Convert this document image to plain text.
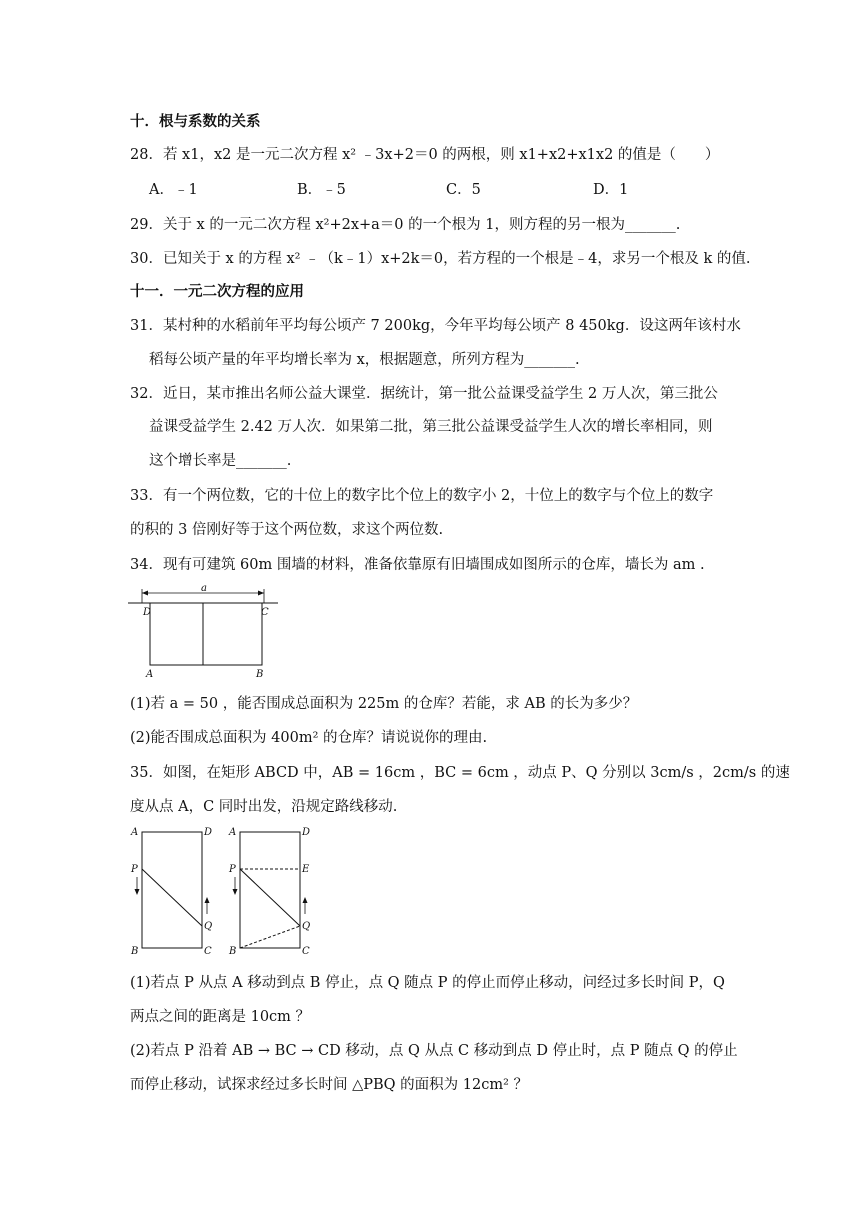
十．根与系数的关系
28．若 x1，x2 是一元二次方程 x² ﹣3x+2＝0 的两根，则 x1+x2+x1x2 的值是（　　）
A．﹣1	B．﹣5	C．5	D．1
29．关于 x 的一元二次方程 x²+2x+a＝0 的一个根为 1，则方程的另一根为_______.
30．已知关于 x 的方程 x² ﹣（k﹣1）x+2k＝0，若方程的一个根是﹣4，求另一个根及 k 的值.
十一．一元二次方程的应用
31．某村种的水稻前年平均每公顷产 7 200kg，今年平均每公顷产 8 450kg．设这两年该村水
稻每公顷产量的年平均增长率为 x，根据题意，所列方程为_______.
32．近日，某市推出名师公益大课堂．据统计，第一批公益课受益学生 2 万人次，第三批公
益课受益学生 2.42 万人次．如果第二批，第三批公益课受益学生人次的增长率相同，则
这个增长率是_______.
33．有一个两位数，它的十位上的数字比个位上的数字小 2，十位上的数字与个位上的数字
的积的 3 倍刚好等于这个两位数，求这个两位数.
34．现有可建筑 60m 围墙的材料，准备依靠原有旧墙围成如图所示的仓库，墙长为 am .
a
D	C
A	B
(1)若 a = 50 ，能否围成总面积为 225m 的仓库？若能，求 AB 的长为多少？
(2)能否围成总面积为 400m² 的仓库？请说说你的理由.
35．如图，在矩形 ABCD 中，AB = 16cm ，BC = 6cm ，动点 P、Q 分别以 3cm/s ，2cm/s 的速
度从点 A，C 同时出发，沿规定路线移动.
A	D
P
Q
B	C
A	D
P	E
Q
B	C
(1)若点 P 从点 A 移动到点 B 停止，点 Q 随点 P 的停止而停止移动，问经过多长时间 P，Q
两点之间的距离是 10cm ？
(2)若点 P 沿着 AB → BC → CD 移动，点 Q 从点 C 移动到点 D 停止时，点 P 随点 Q 的停止
而停止移动，试探求经过多长时间 △PBQ 的面积为 12cm² ？
